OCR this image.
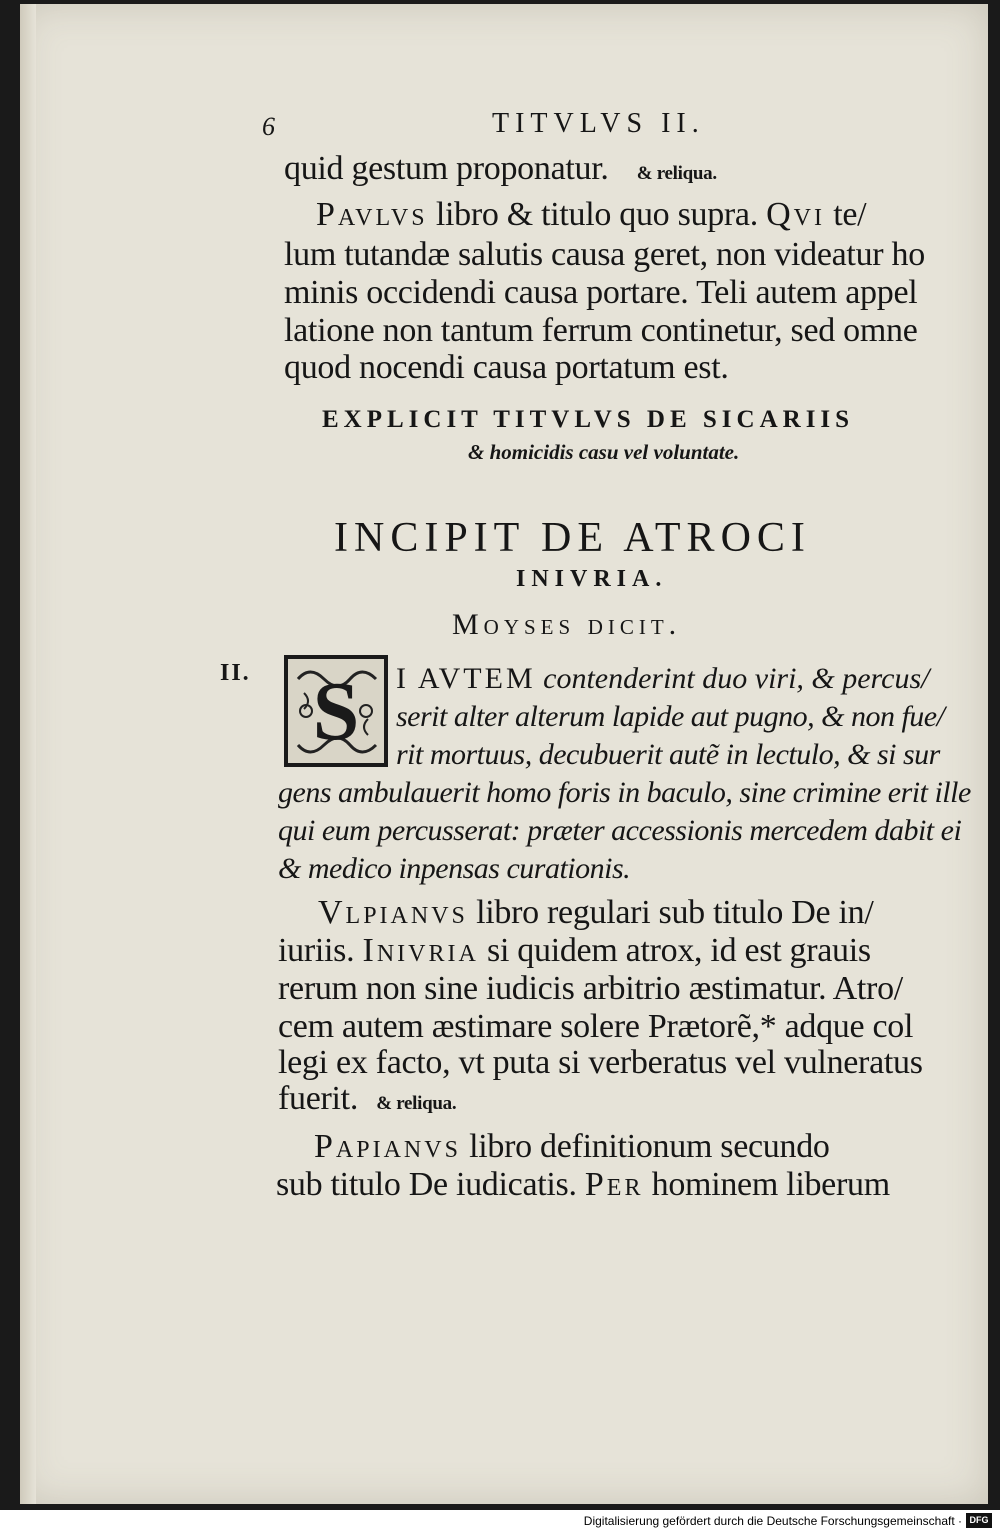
6	TITVLVS II.
quid gestum proponatur. & reliqua.
Pavlvs libro & titulo quo supra. Qvi te/
lum tutandæ salutis causa geret, non videatur ho
minis occidendi causa portare. Teli autem appel
latione non tantum ferrum continetur, sed omne
quod nocendi causa portatum est.
EXPLICIT TITVLVS DE SICARIIS
& homicidis casu vel voluntate.
INCIPIT DE ATROCI
INIVRIA.
Moyses dicit.
II. S I AVTEM contenderint duo viri, & percus/
serit alter alterum lapide aut pugno, & non fue/
rit mortuus, decubuerit autẽ in lectulo, & si sur
gens ambulauerit homo foris in baculo, sine crimine erit ille
qui eum percusserat: præter accessionis mercedem dabit ei
& medico inpensas curationis.
Vlpianvs libro regulari sub titulo De in/
iuriis. Inivria si quidem atrox, id est grauis
rerum non sine iudicis arbitrio æstimatur. Atro/
cem autem æstimare solere Prætorẽ,* adque col
legi ex facto, vt puta si verberatus vel vulneratus
fuerit. & reliqua.
Papianvs libro definitionum secundo
sub titulo De iudicatis. Per hominem liberum
Digitalisierung gefördert durch die Deutsche Forschungsgemeinschaft · DFG
